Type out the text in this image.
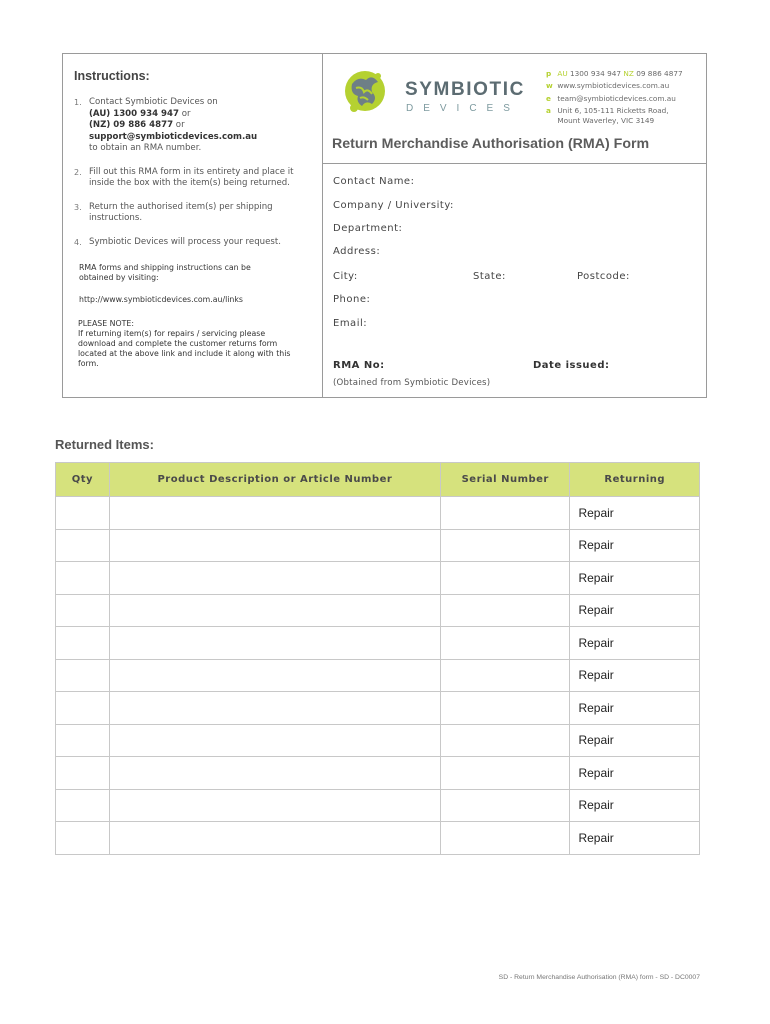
Instructions:
1. Contact Symbiotic Devices on
(AU) 1300 934 947 or
(NZ) 09 886 4877 or
support@symbioticdevices.com.au
to obtain an RMA number.
2. Fill out this RMA form in its entirety and place it inside the box with the item(s) being returned.
3. Return the authorised item(s) per shipping instructions.
4. Symbiotic Devices will process your request.
RMA forms and shipping instructions can be obtained by visiting:
http://www.symbioticdevices.com.au/links
PLEASE NOTE:
If returning item(s) for repairs / servicing please download and complete the customer returns form located at the above link and include it along with this form.
SYMBIOTIC
DEVICES
p AU 1300 934 947 NZ 09 886 4877
w www.symbioticdevices.com.au
e team@symbioticdevices.com.au
a Unit 6, 105-111 Ricketts Road,
Mount Waverley, VIC 3149
Return Merchandise Authorisation (RMA) Form
Contact Name:
Company / University:
Department:
Address:
City:	State:	Postcode:
Phone:
Email:
RMA No:	Date issued:
(Obtained from Symbiotic Devices)
Returned Items:
Qty	Product Description or Article Number	Serial Number	Returning
			Repair
			Repair
			Repair
			Repair
			Repair
			Repair
			Repair
			Repair
			Repair
			Repair
			Repair
SD - Return Merchandise Authorisation (RMA) form - SD - DC0007
